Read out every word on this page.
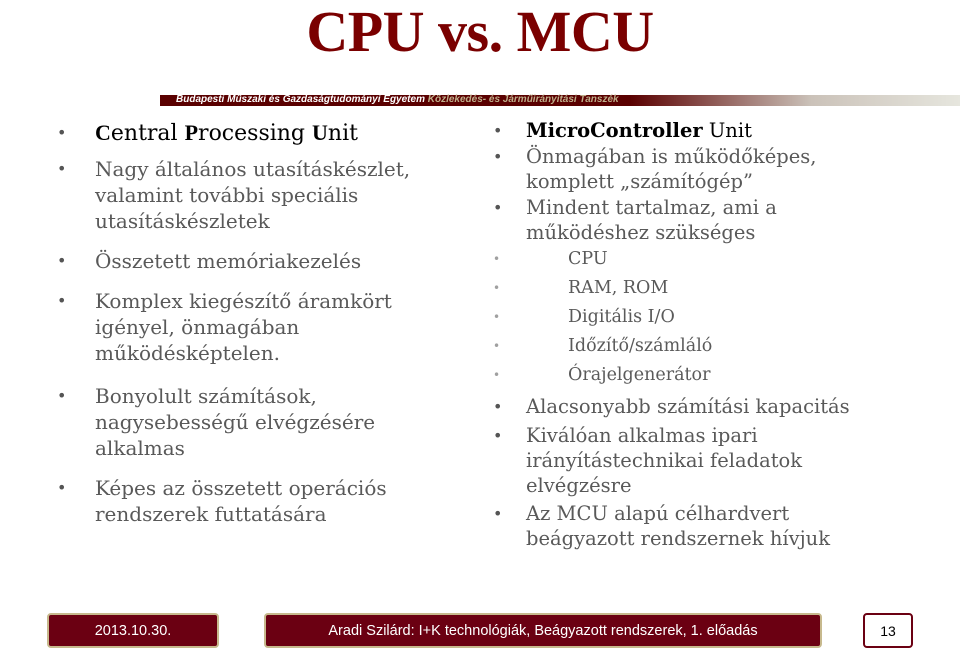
CPU vs. MCU
Budapesti Műszaki és Gazdaságtudományi Egyetem Közlekedés- és Járműirányítási Tanszék
• Central Processing Unit
• Nagy általános utasításkészlet, valamint további speciális utasításkészletek
• Összetett memóriakezelés
• Komplex kiegészítő áramkört igényel, önmagában működésképtelen.
• Bonyolult számítások, nagysebességű elvégzésére alkalmas
• Képes az összetett operációs rendszerek futtatására
• MicroController Unit
• Önmagában is működőképes, komplett „számítógép”
• Mindent tartalmaz, ami a működéshez szükséges
•	CPU
•	RAM, ROM
•	Digitális I/O
•	Időzítő/számláló
•	Órajelgenerátor
• Alacsonyabb számítási kapacitás
• Kiválóan alkalmas ipari irányítástechnikai feladatok elvégzésre
• Az MCU alapú célhardvert beágyazott rendszernek hívjuk
2013.10.30.	Aradi Szilárd: I+K technológiák, Beágyazott rendszerek, 1. előadás	13
